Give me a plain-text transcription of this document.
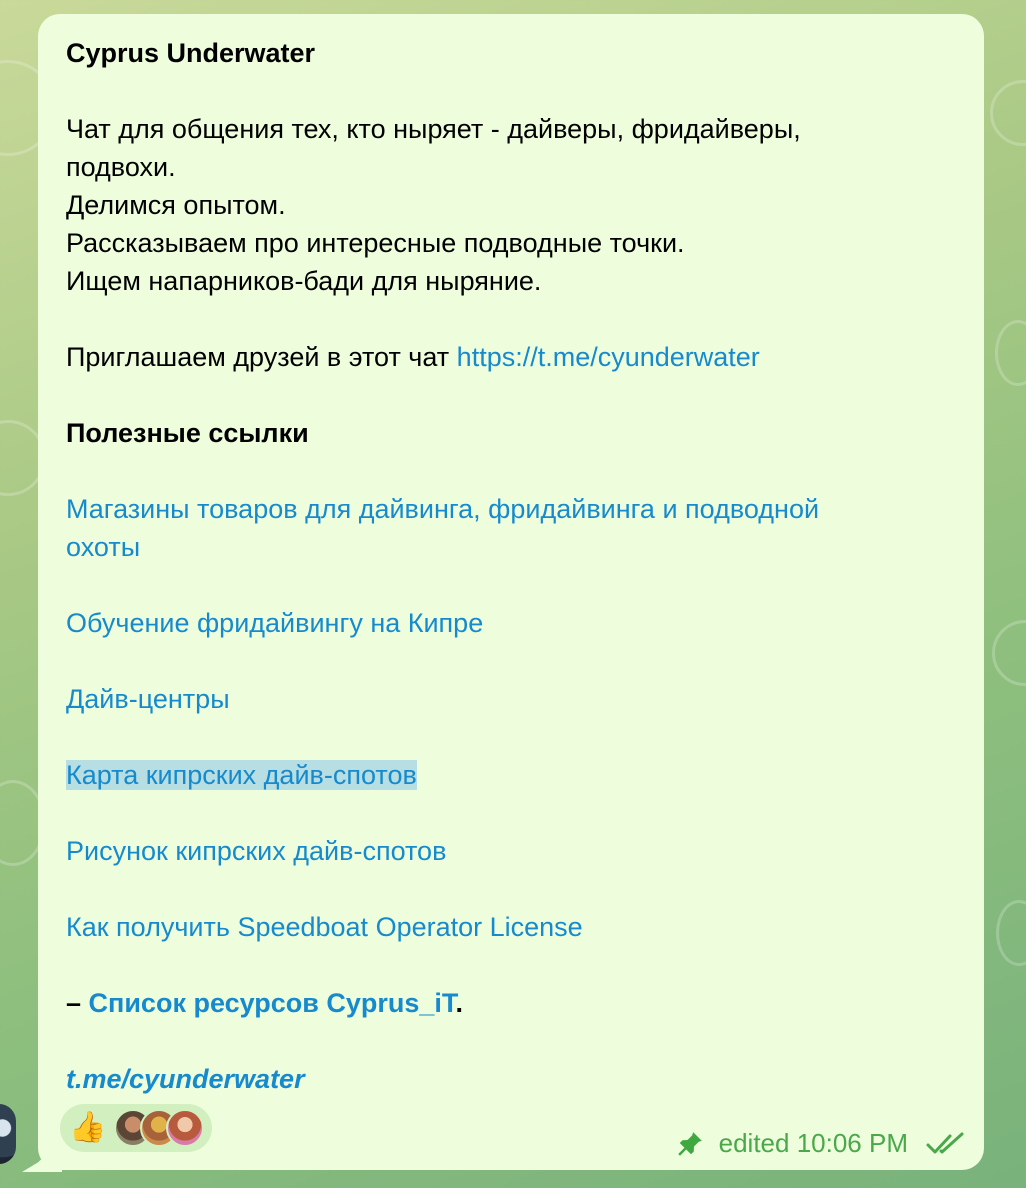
Cyprus Underwater

Чат для общения тех, кто ныряет - дайверы, фридайверы,

подвохи.

Делимся опытом.

Рассказываем про интересные подводные точки.

Ищем напарников-бади для ныряние.

Приглашаем друзей в этот чат https://t.me/cyunderwater

Полезные ссылки

Магазины товаров для дайвинга, фридайвинга и подводной

охоты

Обучение фридайвингу на Кипре

Дайв-центры

Карта кипрских дайв-спотов

Рисунок кипрских дайв-спотов

Как получить Speedboat Operator License

– Список ресурсов Cyprus_iT.

t.me/cyunderwater

👍	edited 10:06 PM
